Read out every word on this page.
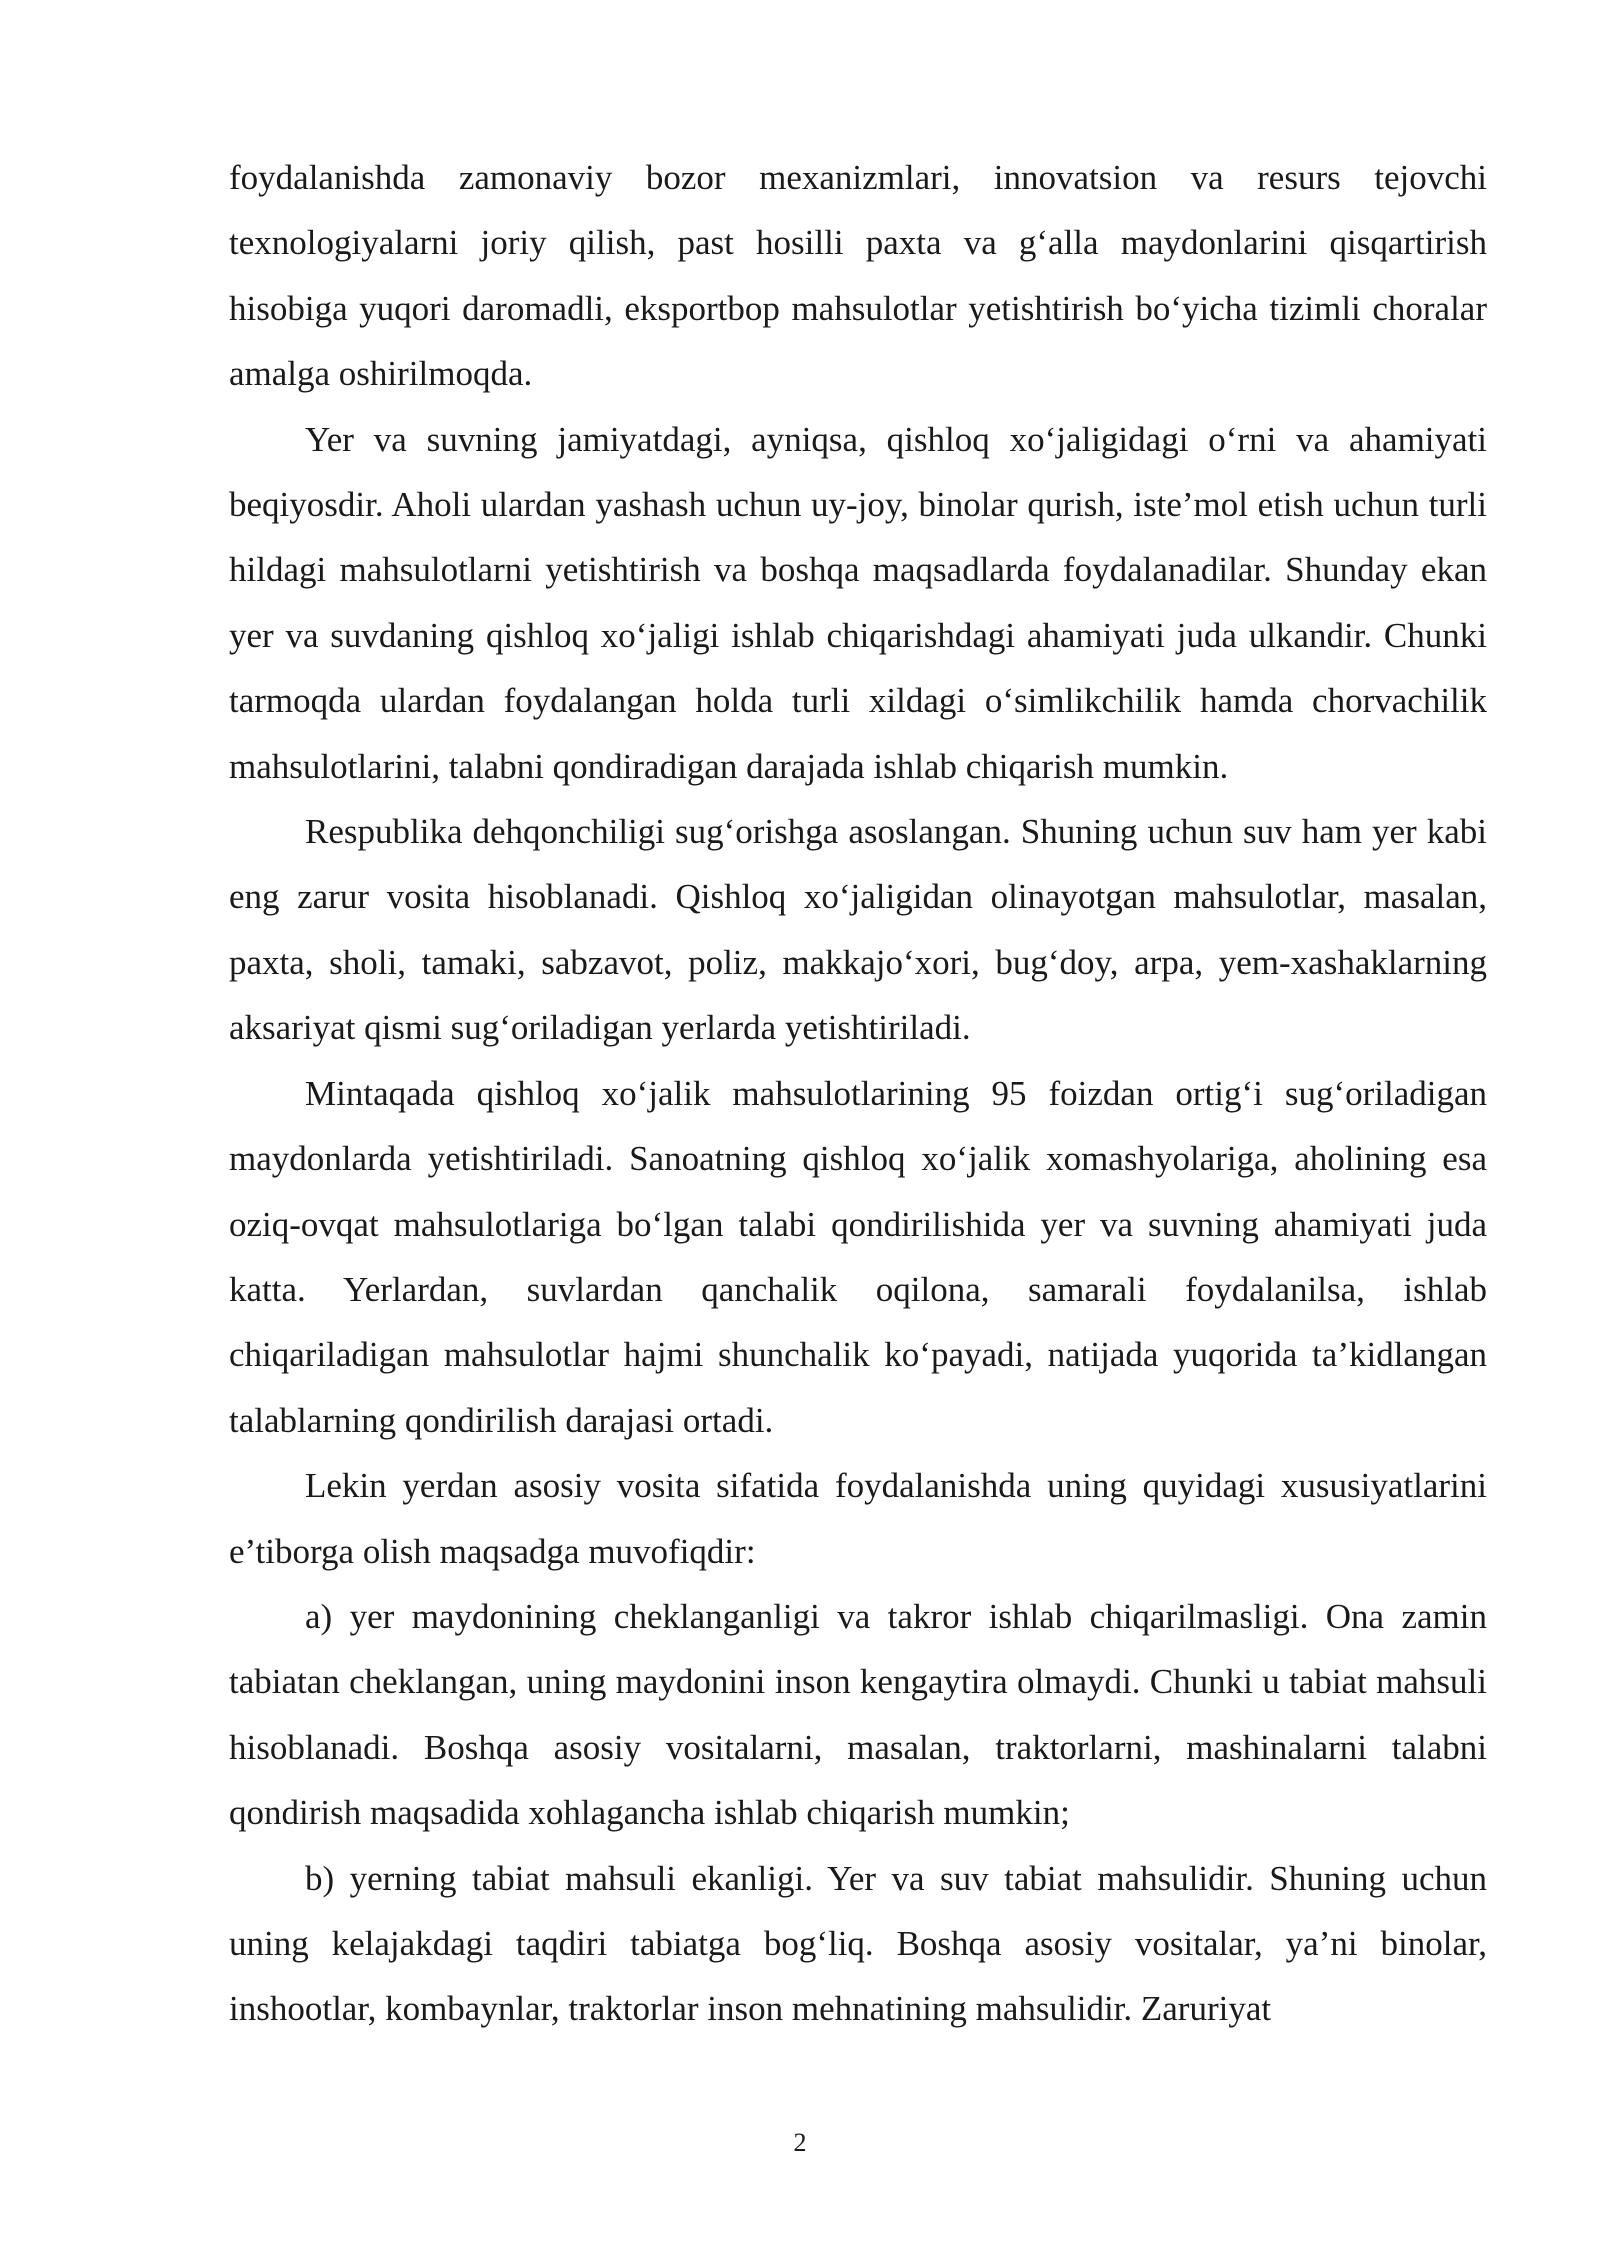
foydalanishda zamonaviy bozor mexanizmlari, innovatsion va resurs tejovchi texnologiyalarni joriy qilish, past hosilli paxta va g‘alla maydonlarini qisqartirish hisobiga yuqori daromadli, eksportbop mahsulotlar yetishtirish bo‘yicha tizimli choralar amalga oshirilmoqda.

Yer va suvning jamiyatdagi, ayniqsa, qishloq xo‘jaligidagi o‘rni va ahamiyati beqiyosdir. Aholi ulardan yashash uchun uy-joy, binolar qurish, iste’mol etish uchun turli hildagi mahsulotlarni yetishtirish va boshqa maqsadlarda foydalanadilar. Shunday ekan yer va suvdaning qishloq xo‘jaligi ishlab chiqarishdagi ahamiyati juda ulkandir. Chunki tarmoqda ulardan foydalangan holda turli xildagi o‘simlikchilik hamda chorvachilik mahsulotlarini, talabni qondiradigan darajada ishlab chiqarish mumkin.

Respublika dehqonchiligi sug‘orishga asoslangan. Shuning uchun suv ham yer kabi eng zarur vosita hisoblanadi. Qishloq xo‘jaligidan olinayotgan mahsulotlar, masalan, paxta, sholi, tamaki, sabzavot, poliz, makkajo‘xori, bug‘doy, arpa, yem-xashaklarning aksariyat qismi sug‘oriladigan yerlarda yetishtiriladi.

Mintaqada qishloq xo‘jalik mahsulotlarining 95 foizdan ortig‘i sug‘oriladigan maydonlarda yetishtiriladi. Sanoatning qishloq xo‘jalik xomashyolariga, aholining esa oziq-ovqat mahsulotlariga bo‘lgan talabi qondirilishida yer va suvning ahamiyati juda katta. Yerlardan, suvlardan qanchalik oqilona, samarali foydalanilsa, ishlab chiqariladigan mahsulotlar hajmi shunchalik ko‘payadi, natijada yuqorida ta’kidlangan talablarning qondirilish darajasi ortadi.

Lekin yerdan asosiy vosita sifatida foydalanishda uning quyidagi xususiyatlarini e’tiborga olish maqsadga muvofiqdir:

a) yer maydonining cheklanganligi va takror ishlab chiqarilmasligi. Ona zamin tabiatan cheklangan, uning maydonini inson kengaytira olmaydi. Chunki u tabiat mahsuli hisoblanadi. Boshqa asosiy vositalarni, masalan, traktorlarni, mashinalarni talabni qondirish maqsadida xohlagancha ishlab chiqarish mumkin;

b) yerning tabiat mahsuli ekanligi. Yer va suv tabiat mahsulidir. Shuning uchun uning kelajakdagi taqdiri tabiatga bog‘liq. Boshqa asosiy vositalar, ya’ni binolar, inshootlar, kombaynlar, traktorlar inson mehnatining mahsulidir. Zaruriyat

2
